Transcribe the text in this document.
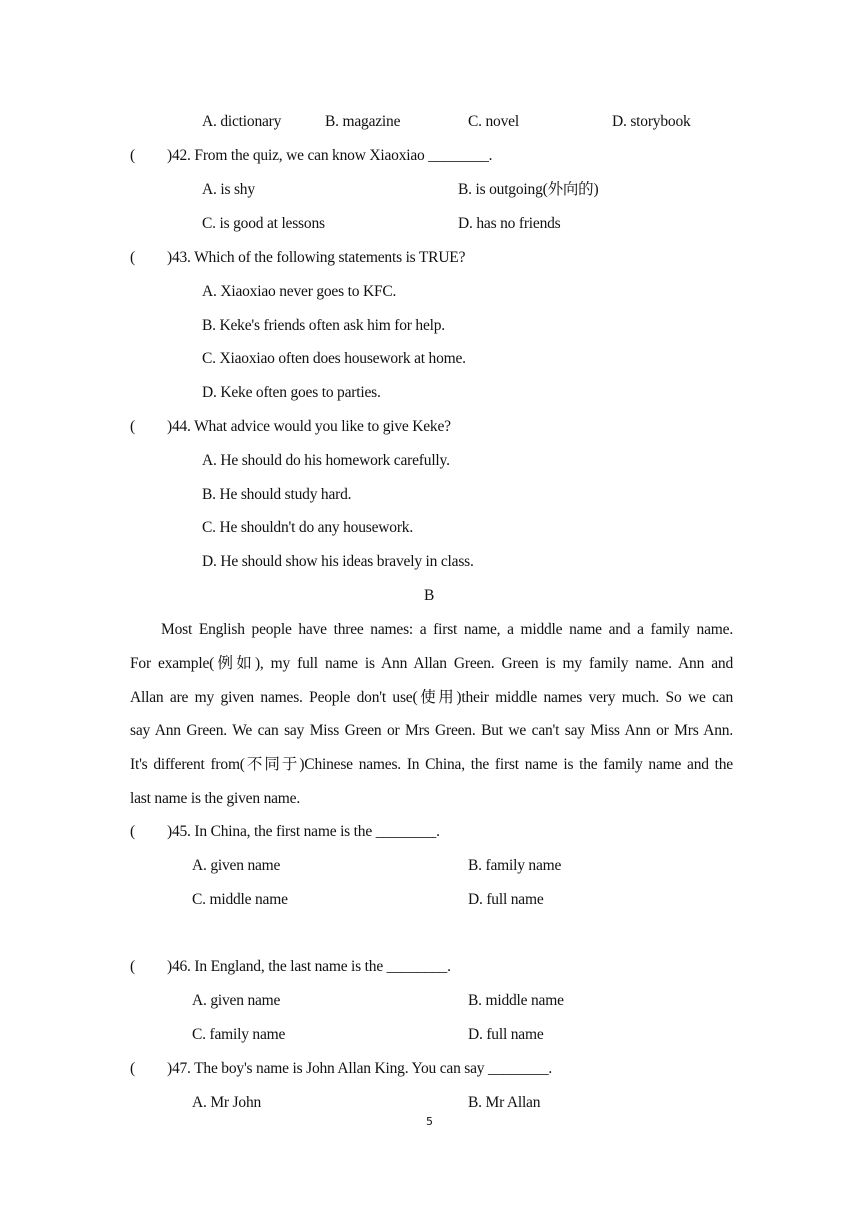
A. dictionary	B. magazine	C. novel	D. storybook
( )42. From the quiz, we can know Xiaoxiao ________.
A. is shy	B. is outgoing(外向的)
C. is good at lessons	D. has no friends
( )43. Which of the following statements is TRUE?
A. Xiaoxiao never goes to KFC.
B. Keke's friends often ask him for help.
C. Xiaoxiao often does housework at home.
D. Keke often goes to parties.
( )44. What advice would you like to give Keke?
A. He should do his homework carefully.
B. He should study hard.
C. He shouldn't do any housework.
D. He should show his ideas bravely in class.
B
Most English people have three names: a first name, a middle name and a family name.
For example(例如), my full name is Ann Allan Green. Green is my family name. Ann and
Allan are my given names. People don't use(使用)their middle names very much. So we can
say Ann Green. We can say Miss Green or Mrs Green. But we can't say Miss Ann or Mrs Ann.
It's different from(不同于)Chinese names. In China, the first name is the family name and the
last name is the given name.
( )45. In China, the first name is the ________.
A. given name	B. family name
C. middle name	D. full name
( )46. In England, the last name is the ________.
A. given name	B. middle name
C. family name	D. full name
( )47. The boy's name is John Allan King. You can say ________.
A. Mr John	B. Mr Allan
5
